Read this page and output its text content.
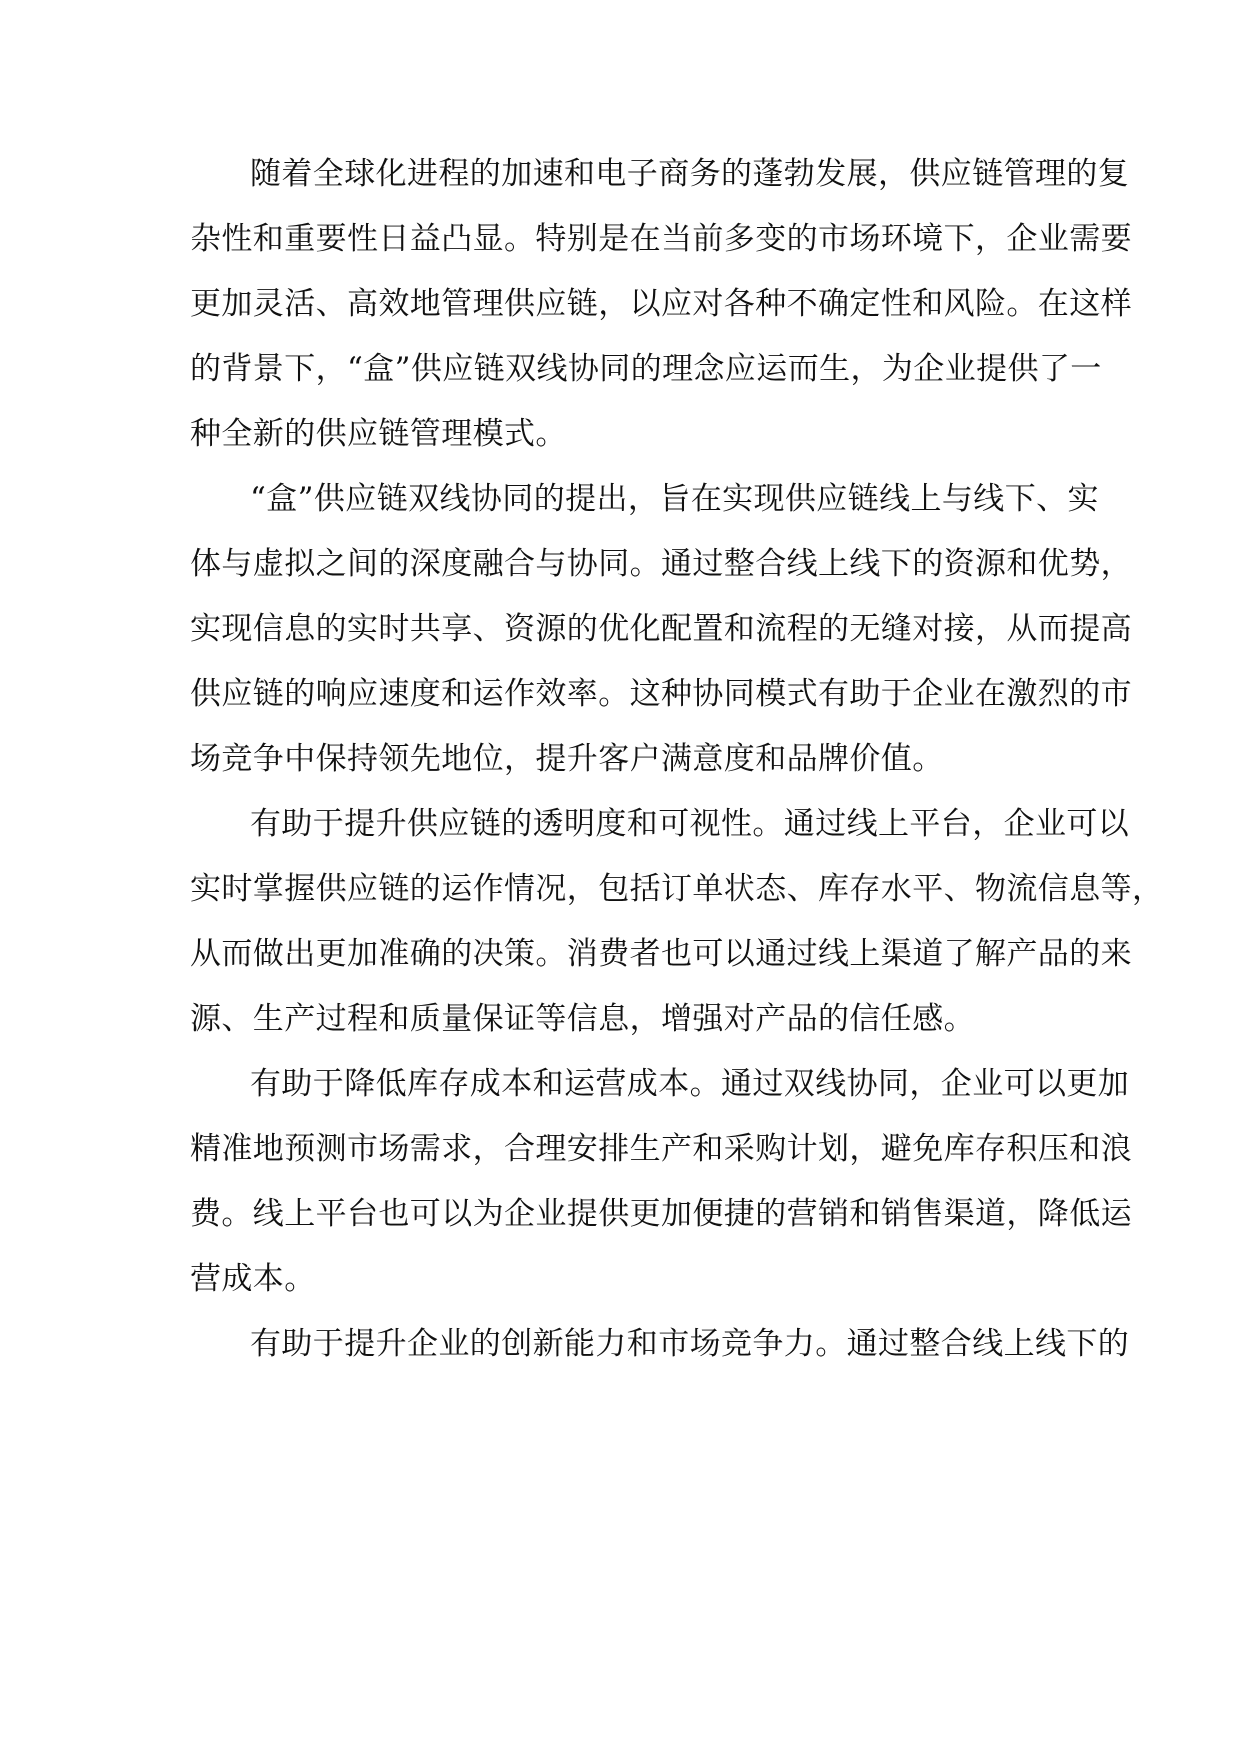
随着全球化进程的加速和电子商务的蓬勃发展，供应链管理的复
杂性和重要性日益凸显。特别是在当前多变的市场环境下，企业需要
更加灵活、高效地管理供应链，以应对各种不确定性和风险。在这样
的背景下，“盒”供应链双线协同的理念应运而生，为企业提供了一
种全新的供应链管理模式。
“盒”供应链双线协同的提出，旨在实现供应链线上与线下、实
体与虚拟之间的深度融合与协同。通过整合线上线下的资源和优势，
实现信息的实时共享、资源的优化配置和流程的无缝对接，从而提高
供应链的响应速度和运作效率。这种协同模式有助于企业在激烈的市
场竞争中保持领先地位，提升客户满意度和品牌价值。
有助于提升供应链的透明度和可视性。通过线上平台，企业可以
实时掌握供应链的运作情况，包括订单状态、库存水平、物流信息等，
从而做出更加准确的决策。消费者也可以通过线上渠道了解产品的来
源、生产过程和质量保证等信息，增强对产品的信任感。
有助于降低库存成本和运营成本。通过双线协同，企业可以更加
精准地预测市场需求，合理安排生产和采购计划，避免库存积压和浪
费。线上平台也可以为企业提供更加便捷的营销和销售渠道，降低运
营成本。
有助于提升企业的创新能力和市场竞争力。通过整合线上线下的
